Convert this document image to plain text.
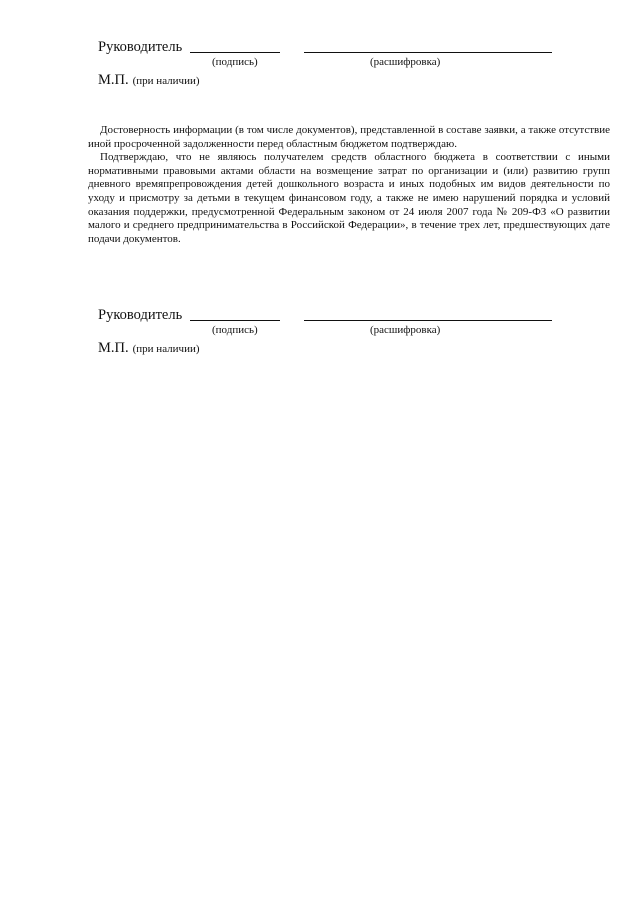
Руководитель
(подпись)	(расшифровка)
М.П. (при наличии)

Достоверность информации (в том числе документов), представленной в составе заявки, а также отсутствие иной просроченной задолженности перед областным бюджетом подтверждаю.

Подтверждаю, что не являюсь получателем средств областного бюджета в соответствии с иными нормативными правовыми актами области на возмещение затрат по организации и (или) развитию групп дневного времяпрепровождения детей дошкольного возраста и иных подобных им видов деятельности по уходу и присмотру за детьми в текущем финансовом году, а также не имею нарушений порядка и условий оказания поддержки, предусмотренной Федеральным законом от 24 июля 2007 года № 209-ФЗ «О развитии малого и среднего предпринимательства в Российской Федерации», в течение трех лет, предшествующих дате подачи документов.

Руководитель
(подпись)	(расшифровка)
М.П. (при наличии)
